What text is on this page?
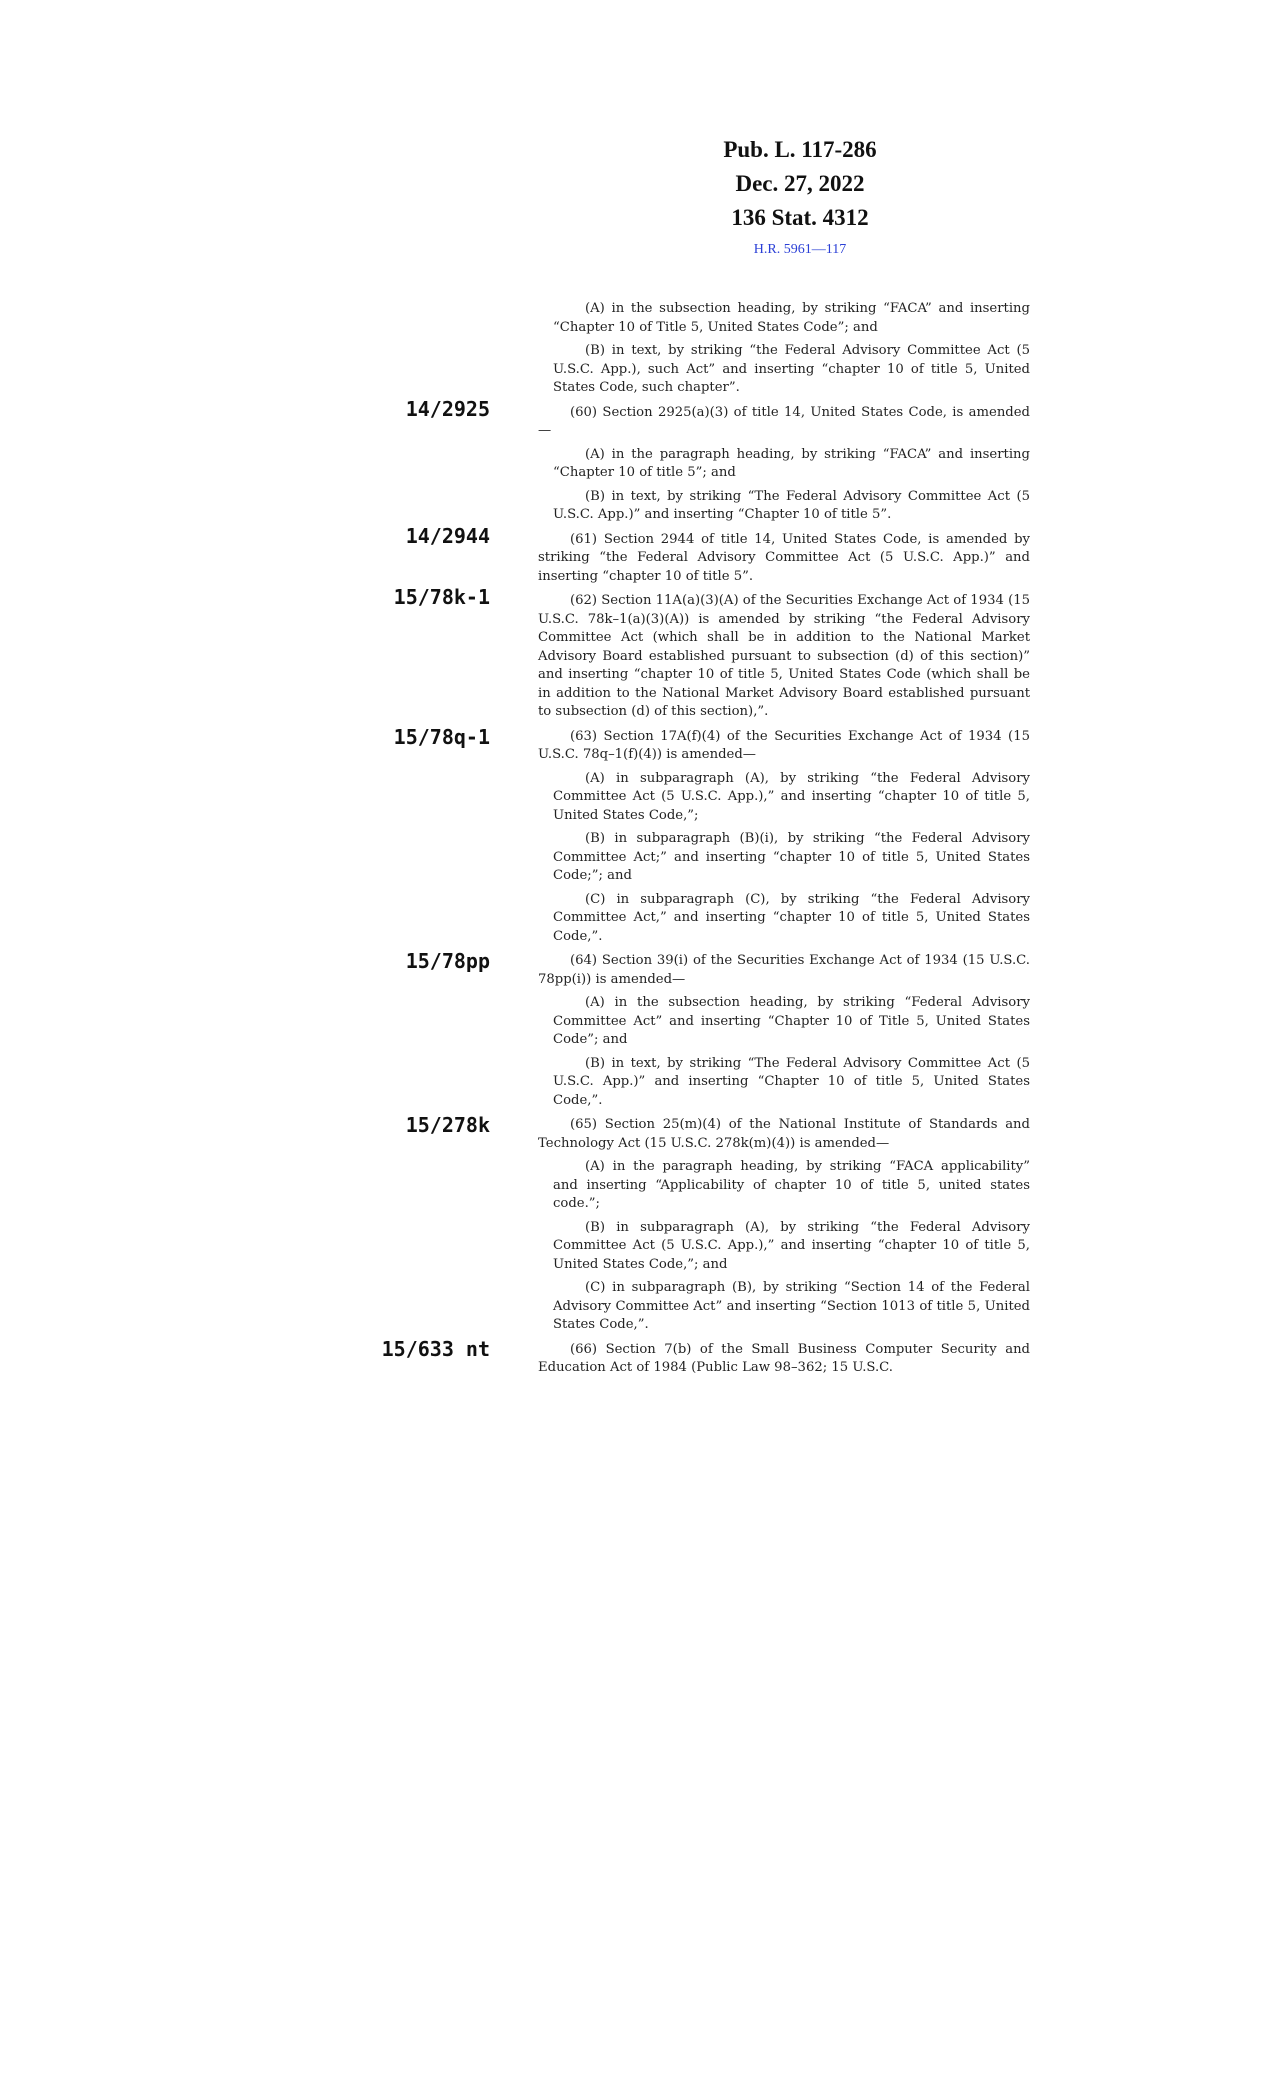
Pub. L. 117-286
Dec. 27, 2022
136 Stat. 4312
H.R. 5961—117
14/2925
14/2944
15/78k-1
15/78q-1
15/78pp
15/278k
15/633 nt

(A) in the subsection heading, by striking “FACA” and inserting “Chapter 10 of Title 5, United States Code”; and

(B) in text, by striking “the Federal Advisory Committee Act (5 U.S.C. App.), such Act” and inserting “chapter 10 of title 5, United States Code, such chapter”.

(60) Section 2925(a)(3) of title 14, United States Code, is amended—

(A) in the paragraph heading, by striking “FACA” and inserting “Chapter 10 of title 5”; and

(B) in text, by striking “The Federal Advisory Committee Act (5 U.S.C. App.)” and inserting “Chapter 10 of title 5”.

(61) Section 2944 of title 14, United States Code, is amended by striking “the Federal Advisory Committee Act (5 U.S.C. App.)” and inserting “chapter 10 of title 5”.

(62) Section 11A(a)(3)(A) of the Securities Exchange Act of 1934 (15 U.S.C. 78k–1(a)(3)(A)) is amended by striking “the Federal Advisory Committee Act (which shall be in addition to the National Market Advisory Board established pursuant to subsection (d) of this section)” and inserting “chapter 10 of title 5, United States Code (which shall be in addition to the National Market Advisory Board established pursuant to subsection (d) of this section),”.

(63) Section 17A(f)(4) of the Securities Exchange Act of 1934 (15 U.S.C. 78q–1(f)(4)) is amended—

(A) in subparagraph (A), by striking “the Federal Advisory Committee Act (5 U.S.C. App.),” and inserting “chapter 10 of title 5, United States Code,”;

(B) in subparagraph (B)(i), by striking “the Federal Advisory Committee Act;” and inserting “chapter 10 of title 5, United States Code;”; and

(C) in subparagraph (C), by striking “the Federal Advisory Committee Act,” and inserting “chapter 10 of title 5, United States Code,”.

(64) Section 39(i) of the Securities Exchange Act of 1934 (15 U.S.C. 78pp(i)) is amended—

(A) in the subsection heading, by striking “Federal Advisory Committee Act” and inserting “Chapter 10 of Title 5, United States Code”; and

(B) in text, by striking “The Federal Advisory Committee Act (5 U.S.C. App.)” and inserting “Chapter 10 of title 5, United States Code,”.

(65) Section 25(m)(4) of the National Institute of Standards and Technology Act (15 U.S.C. 278k(m)(4)) is amended—

(A) in the paragraph heading, by striking “FACA applicability” and inserting “Applicability of chapter 10 of title 5, united states code.”;

(B) in subparagraph (A), by striking “the Federal Advisory Committee Act (5 U.S.C. App.),” and inserting “chapter 10 of title 5, United States Code,”; and

(C) in subparagraph (B), by striking “Section 14 of the Federal Advisory Committee Act” and inserting “Section 1013 of title 5, United States Code,”.

(66) Section 7(b) of the Small Business Computer Security and Education Act of 1984 (Public Law 98–362; 15 U.S.C.
